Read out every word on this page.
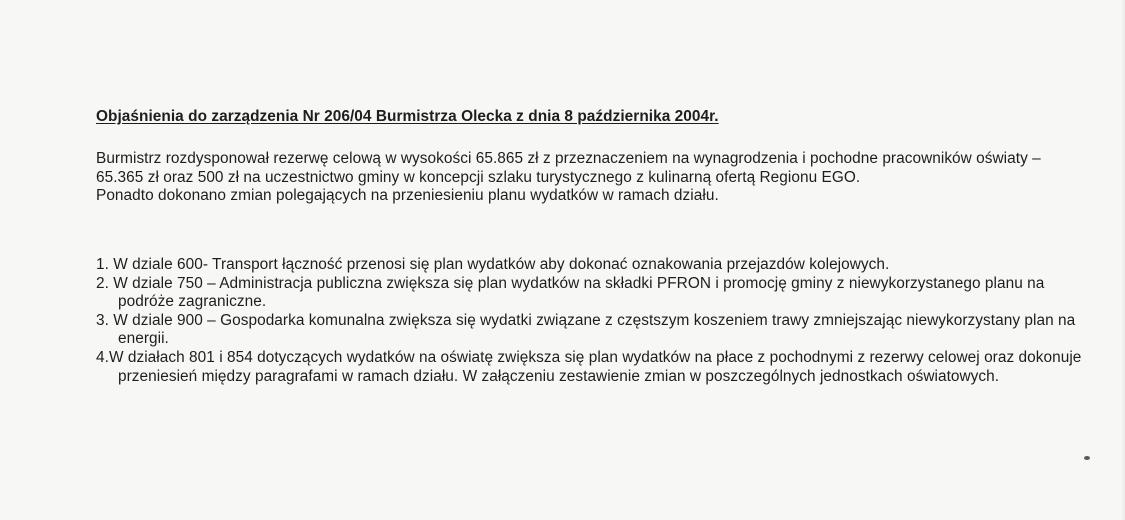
Objaśnienia do zarządzenia Nr 206/04 Burmistrza Olecka z dnia 8 października 2004r.

Burmistrz rozdysponował rezerwę celową w wysokości 65.865 zł z przeznaczeniem na wynagrodzenia i pochodne pracowników oświaty – 65.365 zł oraz 500 zł na uczestnictwo gminy w koncepcji szlaku turystycznego z kulinarną ofertą Regionu EGO.

Ponadto dokonano zmian polegających na przeniesieniu planu wydatków w ramach działu.

1. W dziale 600- Transport łączność przenosi się plan wydatków aby dokonać oznakowania przejazdów kolejowych.
2. W dziale 750 – Administracja publiczna zwiększa się plan wydatków na składki PFRON i promocję gminy z niewykorzystanego planu na podróże zagraniczne.
3. W dziale 900 – Gospodarka komunalna zwiększa się wydatki związane z częstszym koszeniem trawy zmniejszając niewykorzystany plan na energii.
4.W działach 801 i 854 dotyczących wydatków na oświatę zwiększa się plan wydatków na płace z pochodnymi z rezerwy celowej oraz dokonuje przeniesień między paragrafami w ramach działu. W załączeniu zestawienie zmian w poszczególnych jednostkach oświatowych.
